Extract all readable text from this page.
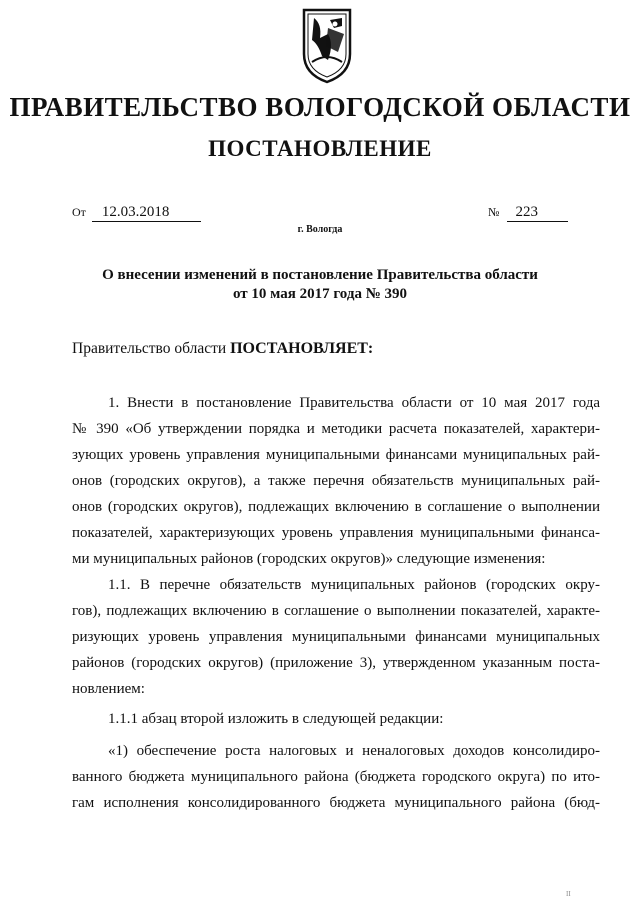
ПРАВИТЕЛЬСТВО ВОЛОГОДСКОЙ ОБЛАСТИ
ПОСТАНОВЛЕНИЕ
От 12.03.2018	№ 223
г. Вологда
О внесении изменений в постановление Правительства области
от 10 мая 2017 года № 390
Правительство области ПОСТАНОВЛЯЕТ:
1. Внести в постановление Правительства области от 10 мая 2017 года
№ 390 «Об утверждении порядка и методики расчета показателей, характери-
зующих уровень управления муниципальными финансами муниципальных рай-
онов (городских округов), а также перечня обязательств муниципальных рай-
онов (городских округов), подлежащих включению в соглашение о выполнении
показателей, характеризующих уровень управления муниципальными финанса-
ми муниципальных районов (городских округов)» следующие изменения:
1.1. В перечне обязательств муниципальных районов (городских окру-
гов), подлежащих включению в соглашение о выполнении показателей, характе-
ризующих уровень управления муниципальными финансами муниципальных
районов (городских округов) (приложение 3), утвержденном указанным поста-
новлением:
1.1.1 абзац второй изложить в следующей редакции:
«1) обеспечение роста налоговых и неналоговых доходов консолидиро-
ванного бюджета муниципального района (бюджета городского округа) по ито-
гам исполнения консолидированного бюджета муниципального района (бюд-
II
